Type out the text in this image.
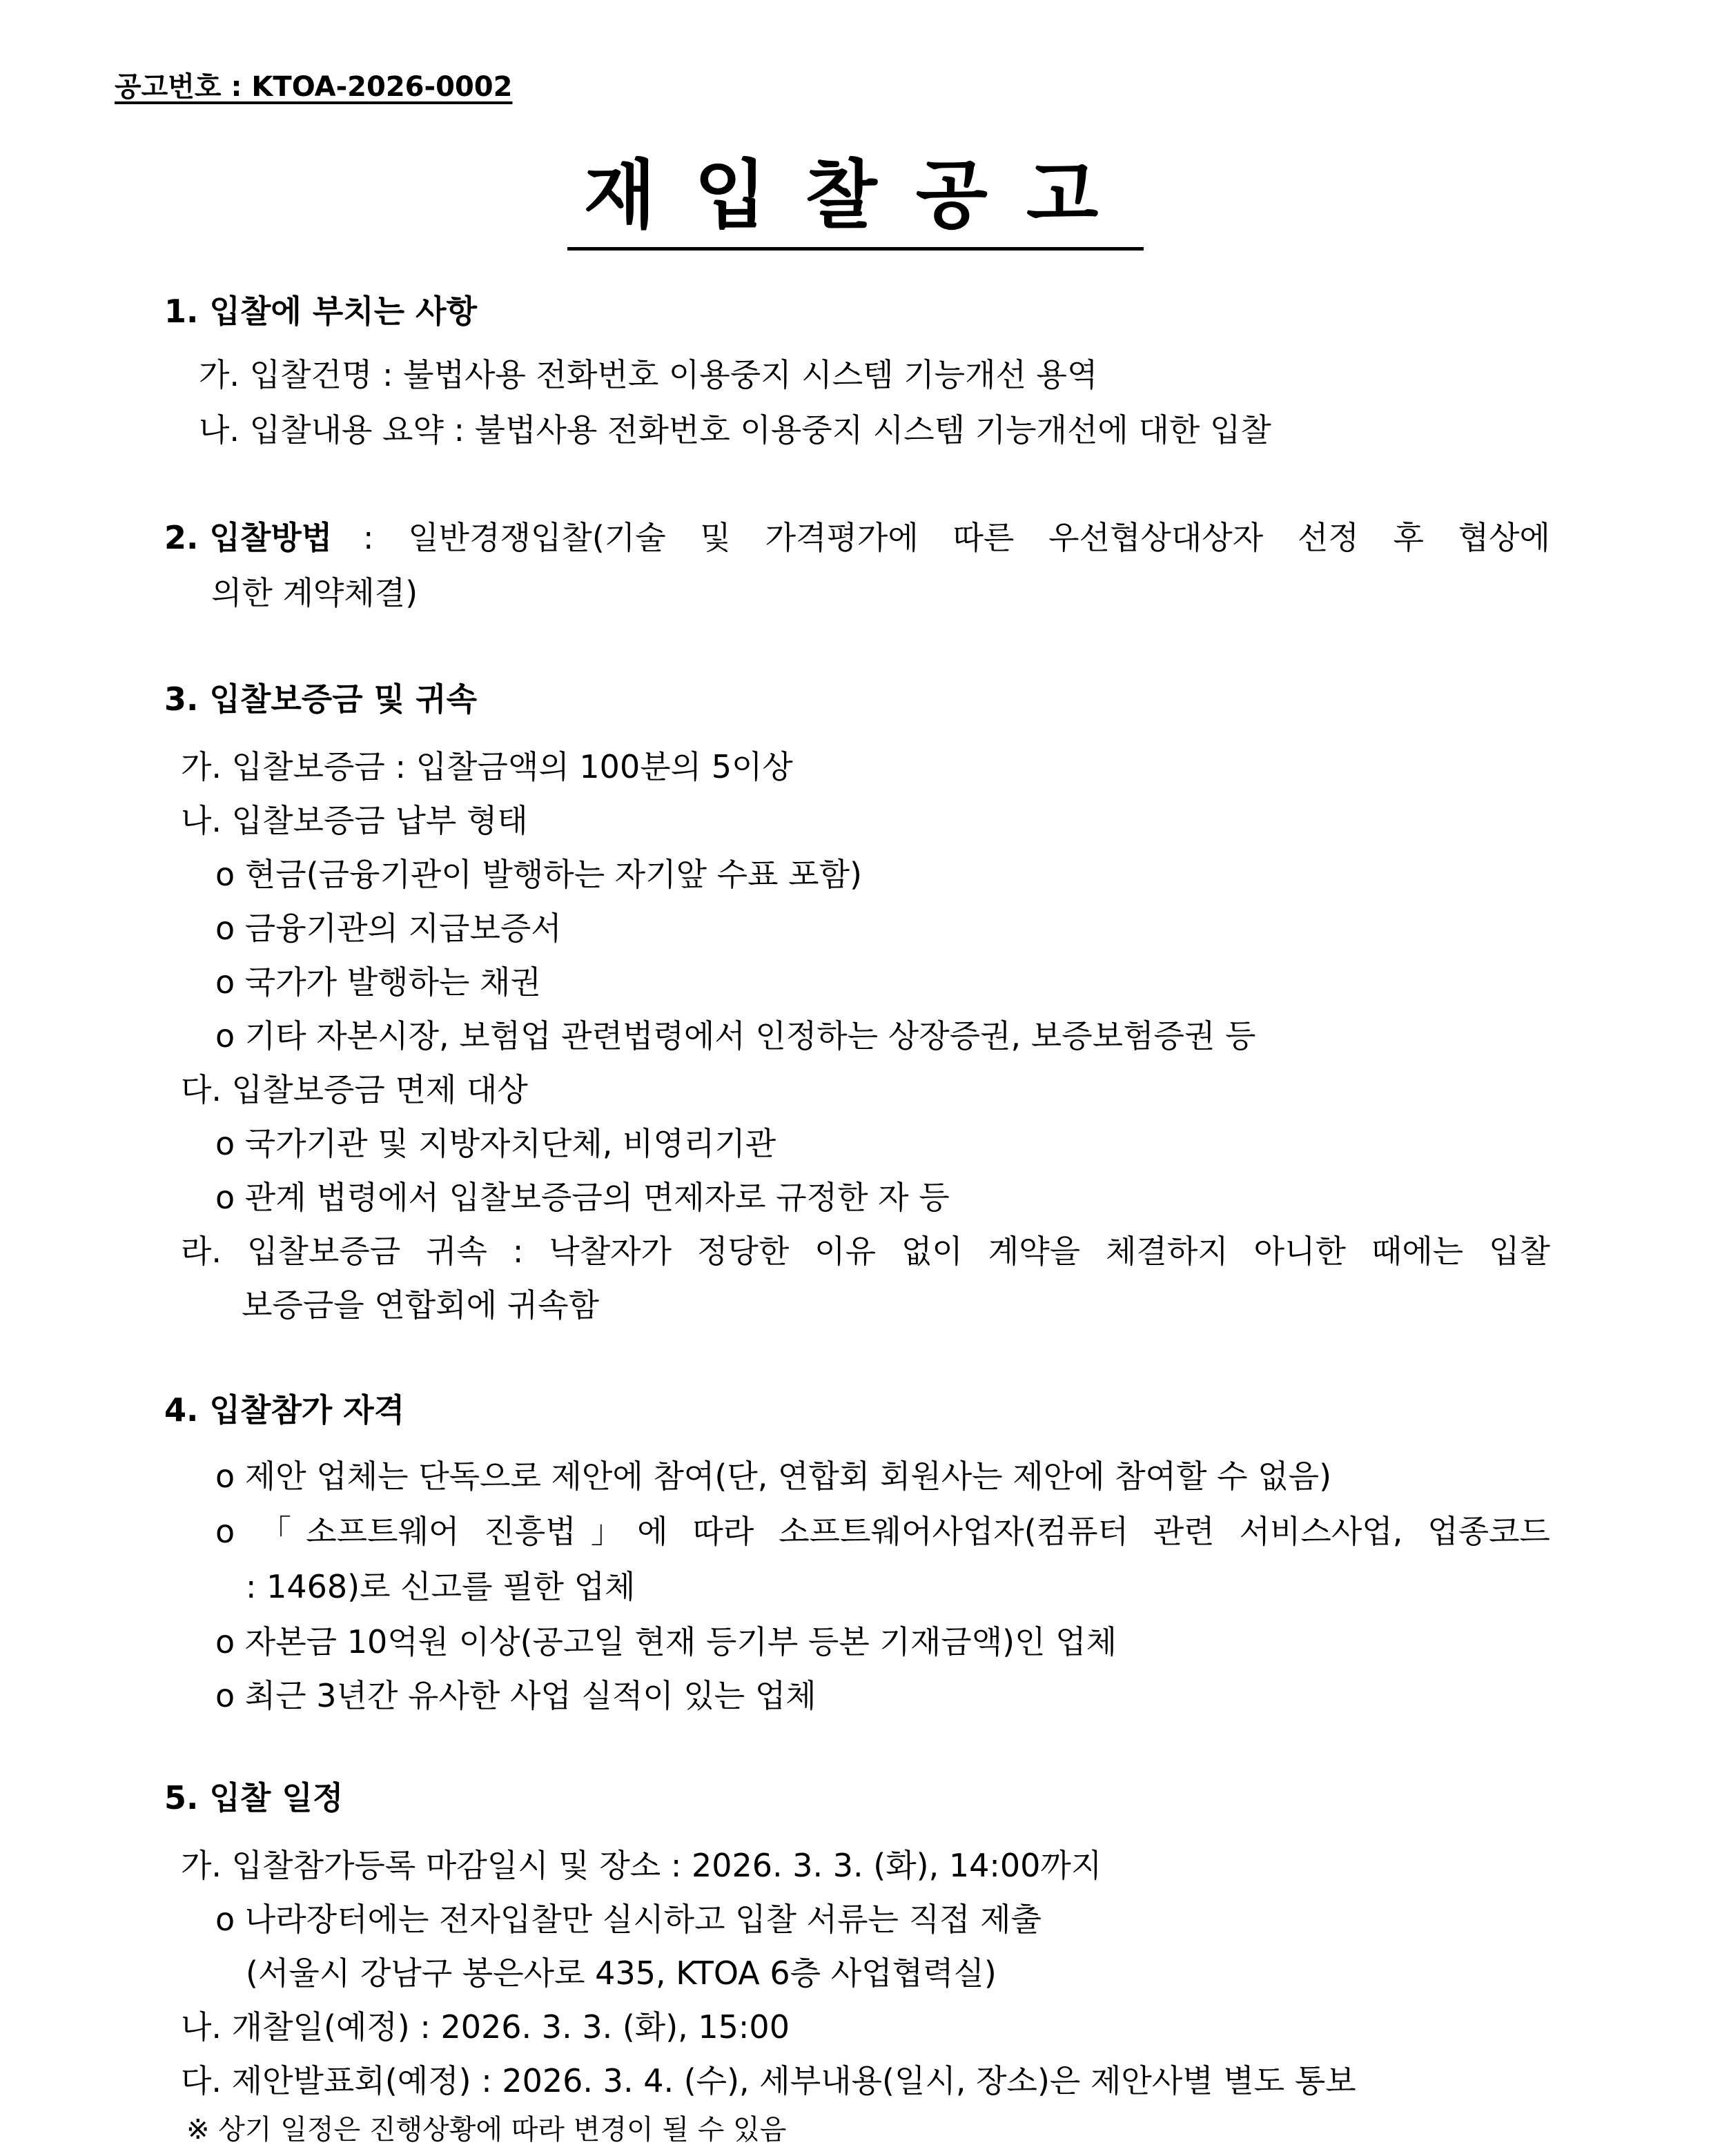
공고번호 : KTOA-2026-0002
재입찰공고
1. 입찰에 부치는 사항
가. 입찰건명 : 불법사용 전화번호 이용중지 시스템 기능개선 용역
나. 입찰내용 요약 : 불법사용 전화번호 이용중지 시스템 기능개선에 대한 입찰
2. 입찰방법 : 일반경쟁입찰(기술 및 가격평가에 따른 우선협상대상자 선정 후 협상에
의한 계약체결)
3. 입찰보증금 및 귀속
가. 입찰보증금 : 입찰금액의 100분의 5이상
나. 입찰보증금 납부 형태
o 현금(금융기관이 발행하는 자기앞 수표 포함)
o 금융기관의 지급보증서
o 국가가 발행하는 채권
o 기타 자본시장, 보험업 관련법령에서 인정하는 상장증권, 보증보험증권 등
다. 입찰보증금 면제 대상
o 국가기관 및 지방자치단체, 비영리기관
o 관계 법령에서 입찰보증금의 면제자로 규정한 자 등
라. 입찰보증금 귀속 : 낙찰자가 정당한 이유 없이 계약을 체결하지 아니한 때에는 입찰
보증금을 연합회에 귀속함
4. 입찰참가 자격
o 제안 업체는 단독으로 제안에 참여(단, 연합회 회원사는 제안에 참여할 수 없음)
o 「소프트웨어 진흥법」에 따라 소프트웨어사업자(컴퓨터 관련 서비스사업, 업종코드
: 1468)로 신고를 필한 업체
o 자본금 10억원 이상(공고일 현재 등기부 등본 기재금액)인 업체
o 최근 3년간 유사한 사업 실적이 있는 업체
5. 입찰 일정
가. 입찰참가등록 마감일시 및 장소 : 2026. 3. 3. (화), 14:00까지
o 나라장터에는 전자입찰만 실시하고 입찰 서류는 직접 제출
(서울시 강남구 봉은사로 435, KTOA 6층 사업협력실)
나. 개찰일(예정) : 2026. 3. 3. (화), 15:00
다. 제안발표회(예정) : 2026. 3. 4. (수), 세부내용(일시, 장소)은 제안사별 별도 통보
※ 상기 일정은 진행상황에 따라 변경이 될 수 있음
